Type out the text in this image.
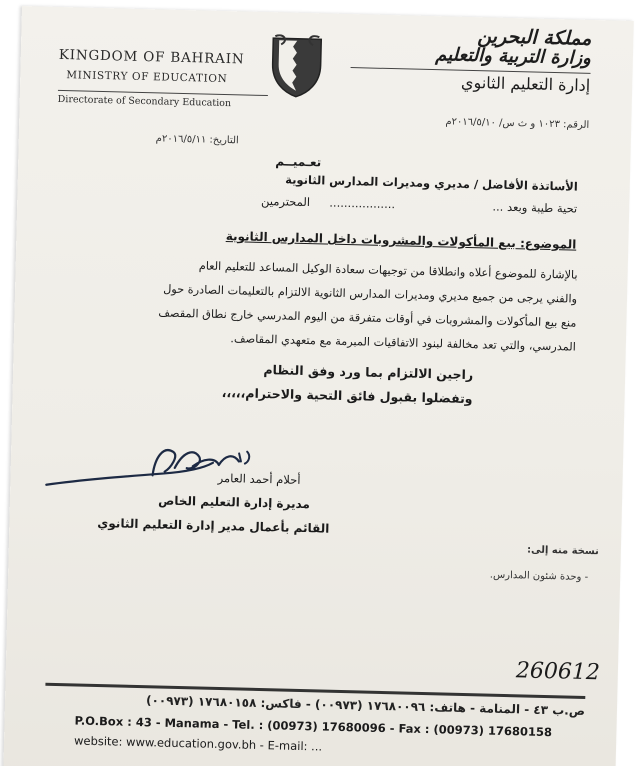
KINGDOM OF BAHRAIN
MINISTRY OF EDUCATION
Directorate of Secondary Education
مملكة البحرين
وزارة التربية والتعليم
إدارة التعليم الثانوي
الرقم: ١٠٢٣ و ث س/ ٢٠١٦/٥/١٠م
التاريخ: ٢٠١٦/٥/١١م
تعـميــم
الأساتذة الأفاضل / مديري ومديرات المدارس الثانوية
تحية طيبة وبعد ...  ..................  المحترمين
الموضوع: بيع المأكولات والمشروبات داخل المدارس الثانوية
بالإشارة للموضوع أعلاه وانطلاقا من توجيهات سعادة الوكيل المساعد للتعليم العام
والفني يرجى من جميع مديري ومديرات المدارس الثانوية الالتزام بالتعليمات الصادرة حول
منع بيع المأكولات والمشروبات في أوقات متفرقة من اليوم المدرسي خارج نطاق المقصف
المدرسي، والتي تعد مخالفة لبنود الاتفاقيات المبرمة مع متعهدي المقاصف.
راجين الالتزام بما ورد وفق النظام
وتفضلوا بقبول فائق التحية والاحترام،،،،،
أحلام أحمد العامر
مديرة إدارة التعليم الخاص
القائم بأعمال مدير إدارة التعليم الثانوي
نسخة منه إلى:
- وحدة شئون المدارس.
260612
ص.ب ٤٣ - المنامة - هاتف: ١٧٦٨٠٠٩٦ (٠٠٩٧٣) - فاكس: ١٧٦٨٠١٥٨ (٠٠٩٧٣)
P.O.Box : 43 - Manama - Tel. : (00973) 17680096 - Fax : (00973) 17680158
website: www.education.gov.bh - E-mail: ...
